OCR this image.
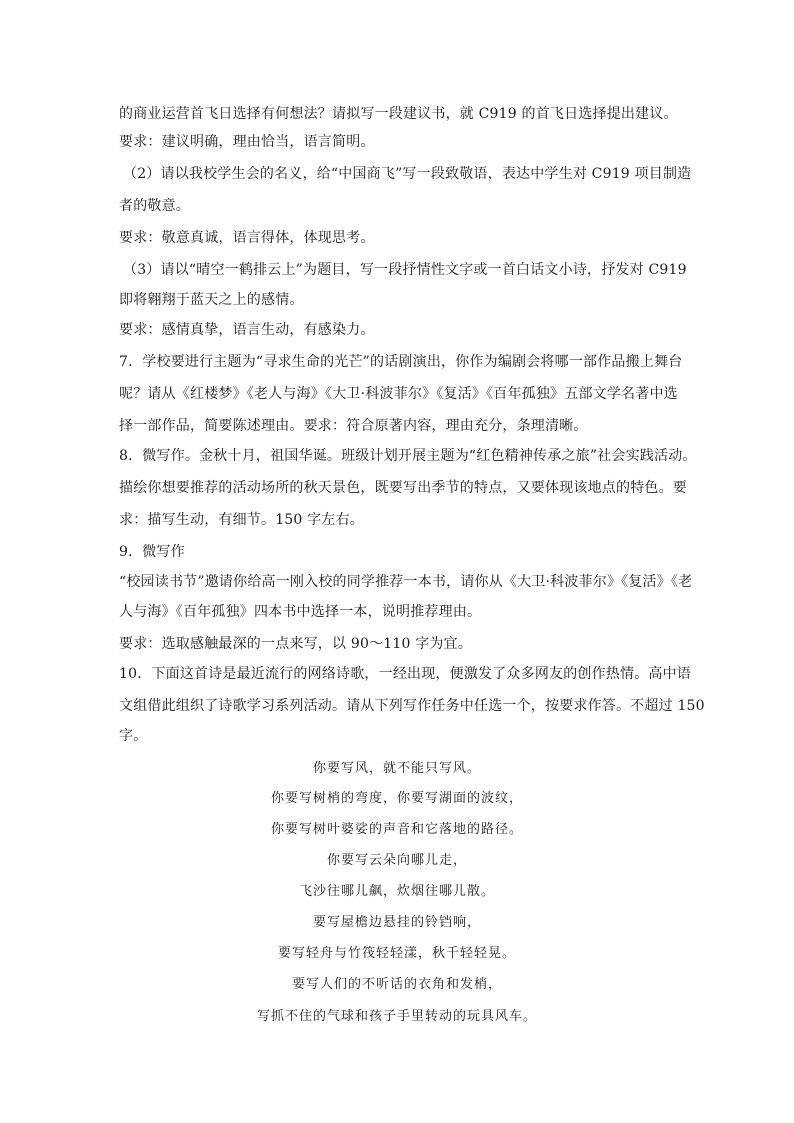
的商业运营首飞日选择有何想法？请拟写一段建议书，就 C919 的首飞日选择提出建议。
要求：建议明确，理由恰当，语言简明。
（2）请以我校学生会的名义，给“中国商飞”写一段致敬语，表达中学生对 C919 项目制造
者的敬意。
要求：敬意真诚，语言得体，体现思考。
（3）请以“晴空一鹤排云上”为题目，写一段抒情性文字或一首白话文小诗，抒发对 C919
即将翱翔于蓝天之上的感情。
要求：感情真挚，语言生动，有感染力。
7．学校要进行主题为“寻求生命的光芒”的话剧演出，你作为编剧会将哪一部作品搬上舞台
呢？请从《红楼梦》《老人与海》《大卫·科波菲尔》《复活》《百年孤独》五部文学名著中选
择一部作品，简要陈述理由。要求：符合原著内容，理由充分，条理清晰。
8．微写作。金秋十月，祖国华诞。班级计划开展主题为“红色精神传承之旅”社会实践活动。
描绘你想要推荐的活动场所的秋天景色，既要写出季节的特点，又要体现该地点的特色。要
求：描写生动，有细节。150 字左右。
9．微写作
“校园读书节”邀请你给高一刚入校的同学推荐一本书，请你从《大卫·科波菲尔》《复活》《老
人与海》《百年孤独》四本书中选择一本，说明推荐理由。
要求：选取感触最深的一点来写，以 90～110 字为宜。
10．下面这首诗是最近流行的网络诗歌，一经出现，便激发了众多网友的创作热情。高中语
文组借此组织了诗歌学习系列活动。请从下列写作任务中任选一个，按要求作答。不超过 150
字。
你要写风，就不能只写风。
你要写树梢的弯度，你要写湖面的波纹，
你要写树叶婆娑的声音和它落地的路径。
你要写云朵向哪儿走，
飞沙往哪儿飙，炊烟往哪儿散。
要写屋檐边悬挂的铃铛响，
要写轻舟与竹筏轻轻漾，秋千轻轻晃。
要写人们的不听话的衣角和发梢，
写抓不住的气球和孩子手里转动的玩具风车。
